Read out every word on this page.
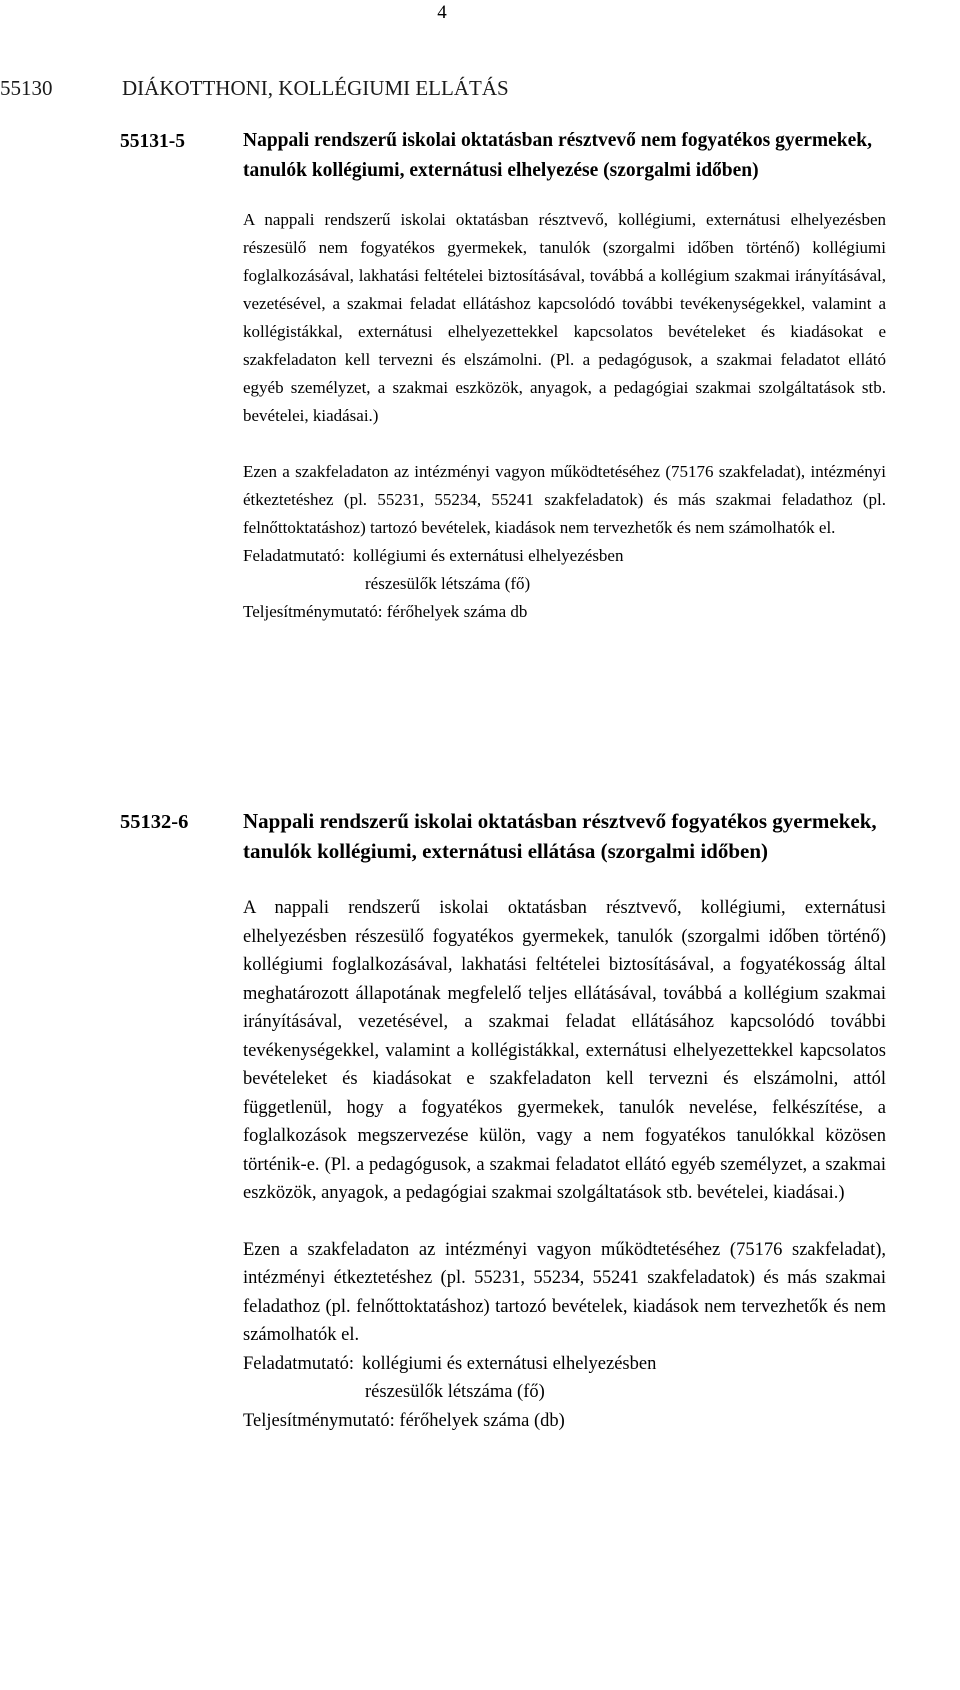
4
55130	DIÁKOTTHONI, KOLLÉGIUMI ELLÁTÁS
55131-5	Nappali rendszerű iskolai oktatásban résztvevő nem fogyatékos gyermekek, tanulók kollégiumi, externátusi elhelyezése (szorgalmi időben)

A nappali rendszerű iskolai oktatásban résztvevő, kollégiumi, externátusi elhelyezésben részesülő nem fogyatékos gyermekek, tanulók (szorgalmi időben történő) kollégiumi foglalkozásával, lakhatási feltételei biztosításával, továbbá a kollégium szakmai irányításával, vezetésével, a szakmai feladat ellátáshoz kapcsolódó további tevékenységekkel, valamint a kollégistákkal, externátusi elhelyezettekkel kapcsolatos bevételeket és kiadásokat e szakfeladaton kell tervezni és elszámolni. (Pl. a pedagógusok, a szakmai feladatot ellátó egyéb személyzet, a szakmai eszközök, anyagok, a pedagógiai szakmai szolgáltatások stb. bevételei, kiadásai.)

Ezen a szakfeladaton az intézményi vagyon működtetéséhez (75176 szakfeladat), intézményi étkeztetéshez (pl. 55231, 55234, 55241 szakfeladatok) és más szakmai feladathoz (pl. felnőttoktatáshoz) tartozó bevételek, kiadások nem tervezhetők és nem számolhatók el.

Feladatmutató: kollégiumi és externátusi elhelyezésben

részesülők létszáma (fő)

Teljesítménymutató: férőhelyek száma db

55132-6	Nappali rendszerű iskolai oktatásban résztvevő fogyatékos gyermekek, tanulók kollégiumi, externátusi ellátása (szorgalmi időben)

A nappali rendszerű iskolai oktatásban résztvevő, kollégiumi, externátusi elhelyezésben részesülő fogyatékos gyermekek, tanulók (szorgalmi időben történő) kollégiumi foglalkozásával, lakhatási feltételei biztosításával, a fogyatékosság által meghatározott állapotának megfelelő teljes ellátásával, továbbá a kollégium szakmai irányításával, vezetésével, a szakmai feladat ellátásához kapcsolódó további tevékenységekkel, valamint a kollégistákkal, externátusi elhelyezettekkel kapcsolatos bevételeket és kiadásokat e szakfeladaton kell tervezni és elszámolni, attól függetlenül, hogy a fogyatékos gyermekek, tanulók nevelése, felkészítése, a foglalkozások megszervezése külön, vagy a nem fogyatékos tanulókkal közösen történik-e. (Pl. a pedagógusok, a szakmai feladatot ellátó egyéb személyzet, a szakmai eszközök, anyagok, a pedagógiai szakmai szolgáltatások stb. bevételei, kiadásai.)

Ezen a szakfeladaton az intézményi vagyon működtetéséhez (75176 szakfeladat), intézményi étkeztetéshez (pl. 55231, 55234, 55241 szakfeladatok) és más szakmai feladathoz (pl. felnőttoktatáshoz) tartozó bevételek, kiadások nem tervezhetők és nem számolhatók el.

Feladatmutató: kollégiumi és externátusi elhelyezésben

részesülők létszáma (fő)

Teljesítménymutató: férőhelyek száma (db)
